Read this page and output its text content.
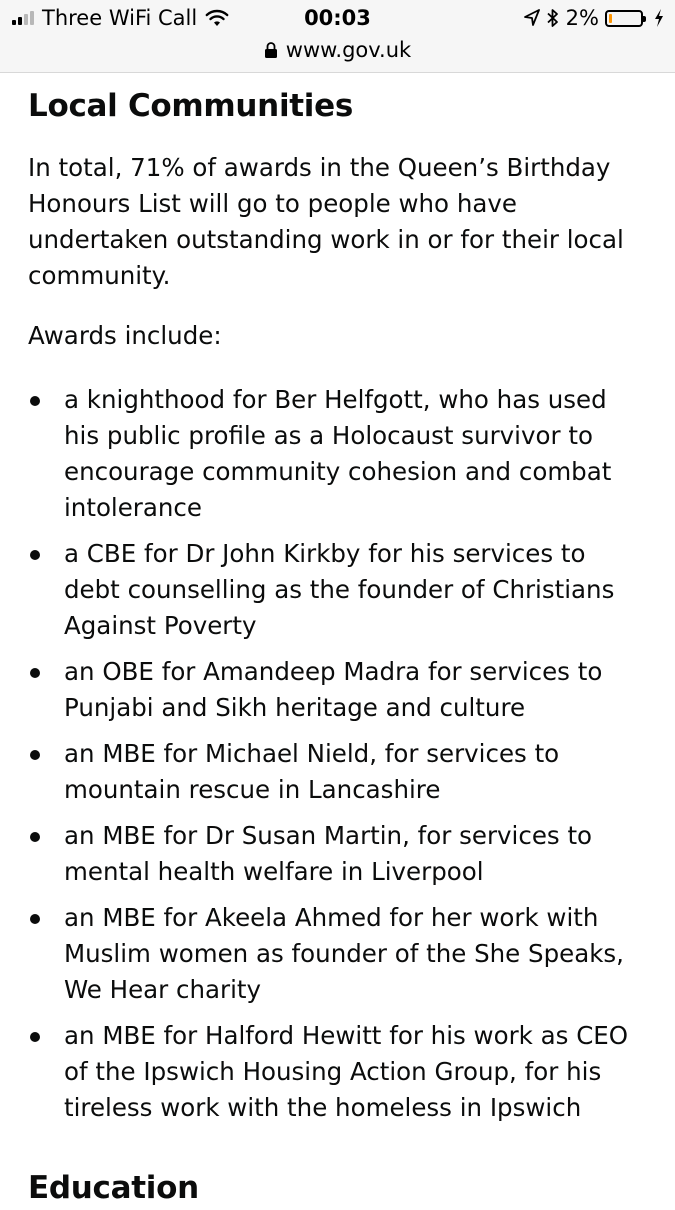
Three WiFi Call	00:03	2%
www.gov.uk
Local Communities

In total, 71% of awards in the Queen’s Birthday Honours List will go to people who have undertaken outstanding work in or for their local community.

Awards include:

a knighthood for Ber Helfgott, who has used his public profile as a Holocaust survivor to encourage community cohesion and combat intolerance
a CBE for Dr John Kirkby for his services to debt counselling as the founder of Christians Against Poverty
an OBE for Amandeep Madra for services to Punjabi and Sikh heritage and culture
an MBE for Michael Nield, for services to mountain rescue in Lancashire
an MBE for Dr Susan Martin, for services to mental health welfare in Liverpool
an MBE for Akeela Ahmed for her work with Muslim women as founder of the She Speaks, We Hear charity
an MBE for Halford Hewitt for his work as CEO of the Ipswich Housing Action Group, for his tireless work with the homeless in Ipswich
Education
